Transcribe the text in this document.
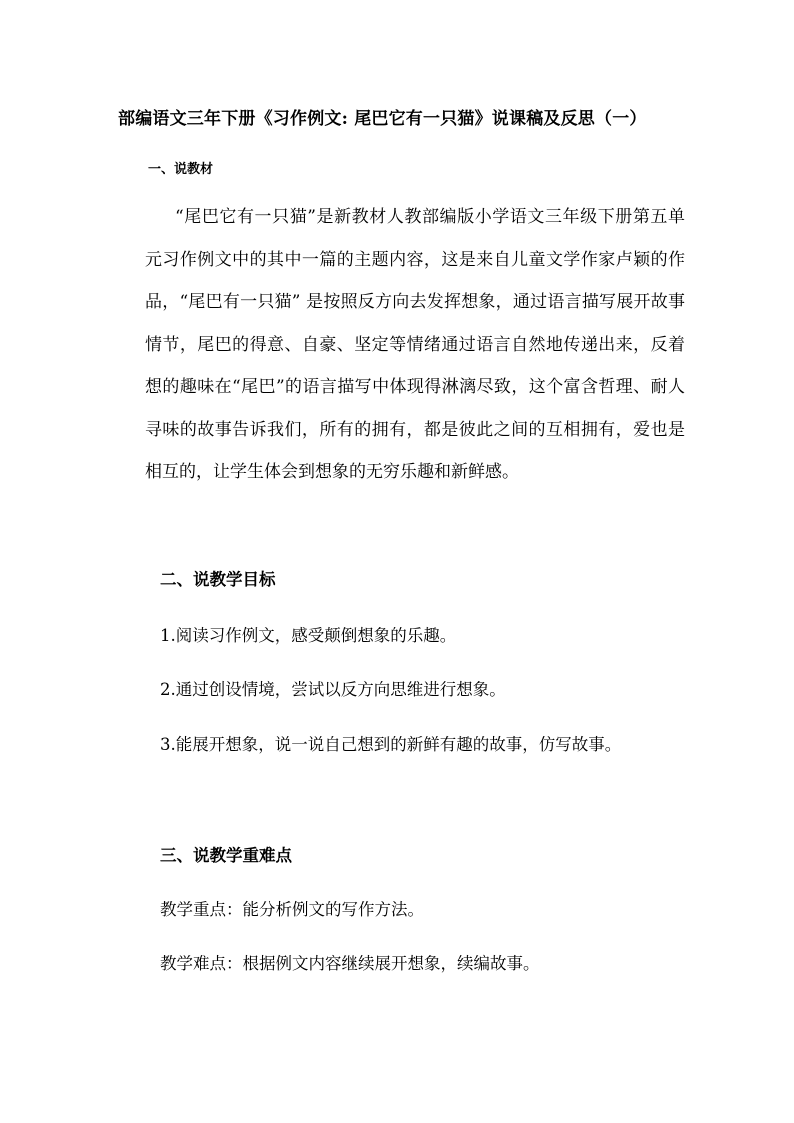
部编语文三年下册《习作例文: 尾巴它有一只猫》说课稿及反思（一）
一、说教材

“尾巴它有一只猫”是新教材人教部编版小学语文三年级下册第五单元习作例文中的其中一篇的主题内容，这是来自儿童文学作家卢颖的作品，“尾巴有一只猫” 是按照反方向去发挥想象，通过语言描写展开故事情节，尾巴的得意、自豪、坚定等情绪通过语言自然地传递出来，反着想的趣味在“尾巴”的语言描写中体现得淋漓尽致，这个富含哲理、耐人寻味的故事告诉我们，所有的拥有，都是彼此之间的互相拥有，爱也是相互的，让学生体会到想象的无穷乐趣和新鲜感。

二、说教学目标
1.阅读习作例文，感受颠倒想象的乐趣。
2.通过创设情境，尝试以反方向思维进行想象。
3.能展开想象，说一说自己想到的新鲜有趣的故事，仿写故事。
三、说教学重难点
教学重点：能分析例文的写作方法。
教学难点：根据例文内容继续展开想象，续编故事。
